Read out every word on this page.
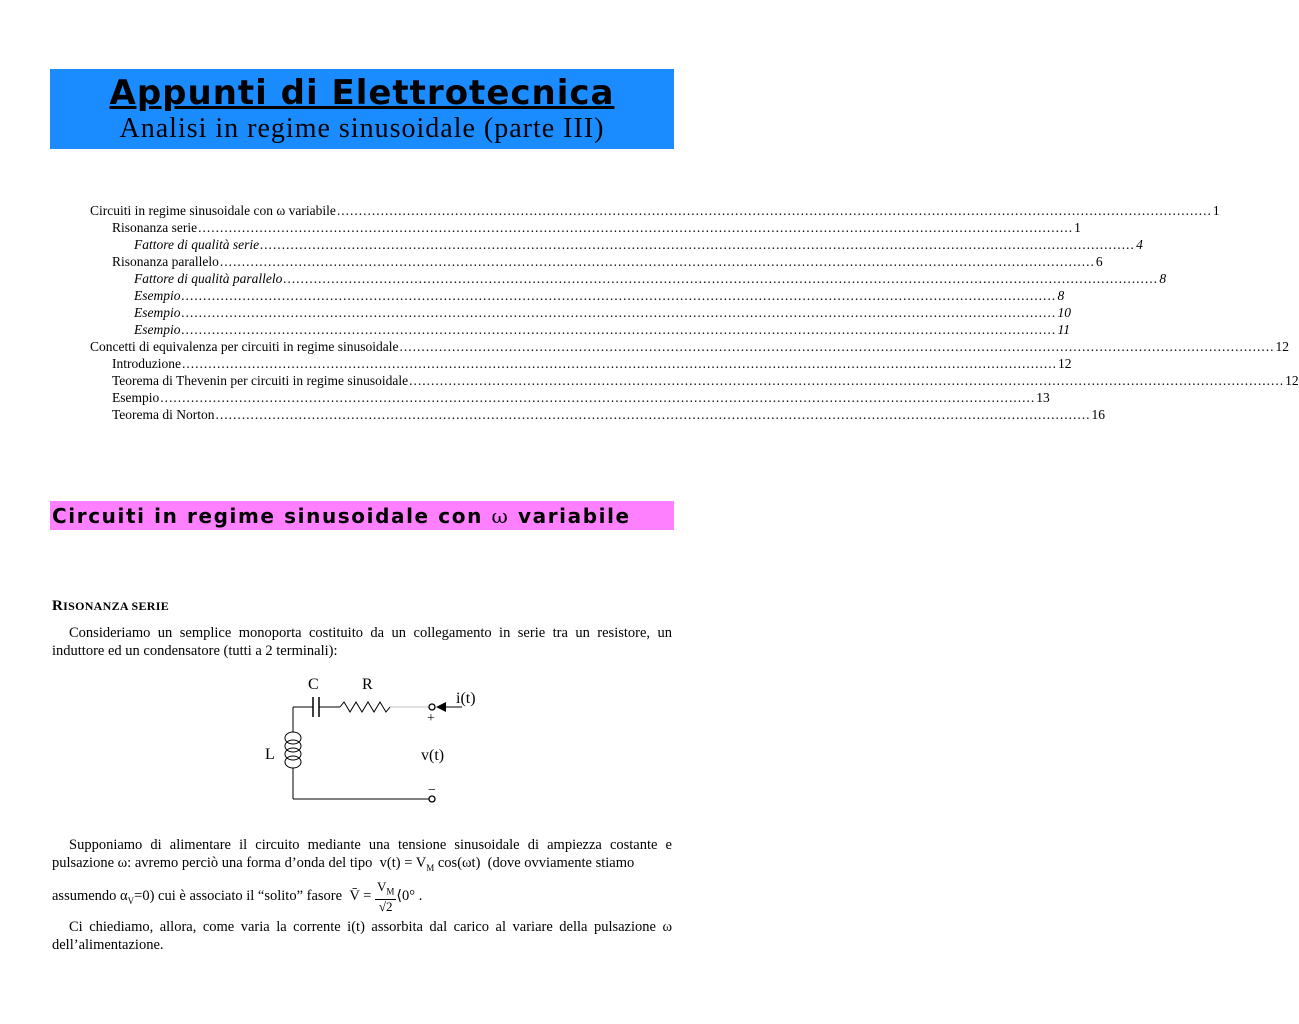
Appunti di Elettrotecnica
Analisi in regime sinusoidale (parte III)
Circuiti in regime sinusoidale con ω variabile ........................................................................................................................................................................................................ 1
Risonanza serie ........................................................................................................................................................................................................ 1
Fattore di qualità serie ........................................................................................................................................................................................................ 4
Risonanza parallelo ........................................................................................................................................................................................................ 6
Fattore di qualità parallelo ........................................................................................................................................................................................................ 8
Esempio ........................................................................................................................................................................................................ 8
Esempio ........................................................................................................................................................................................................ 10
Esempio ........................................................................................................................................................................................................ 11
Concetti di equivalenza per circuiti in regime sinusoidale ........................................................................................................................................................................................................ 12
Introduzione ........................................................................................................................................................................................................ 12
Teorema di Thevenin per circuiti in regime sinusoidale ........................................................................................................................................................................................................ 12
Esempio ........................................................................................................................................................................................................ 13
Teorema di Norton ........................................................................................................................................................................................................ 16
Circuiti in regime sinusoidale con ω variabile
RISONANZA SERIE
Consideriamo un semplice monoporta costituito da un collegamento in serie tra un resistore, un induttore ed un condensatore (tutti a 2 terminali):
C	R
L
i(t)
v(t)
+
−
Supponiamo di alimentare il circuito mediante una tensione sinusoidale di ampiezza costante e pulsazione ω: avremo perciò una forma d’onda del tipo $v(t) = V_M$ cos(ωt) (dove ovviamente stiamo
assumendo $\alpha_V=0$) cui è associato il “solito” fasore V̄ = $\frac{V_M}{√2}$ ⟨0° .
Ci chiediamo, allora, come varia la corrente i(t) assorbita dal carico al variare della pulsazione ω dell’alimentazione.
